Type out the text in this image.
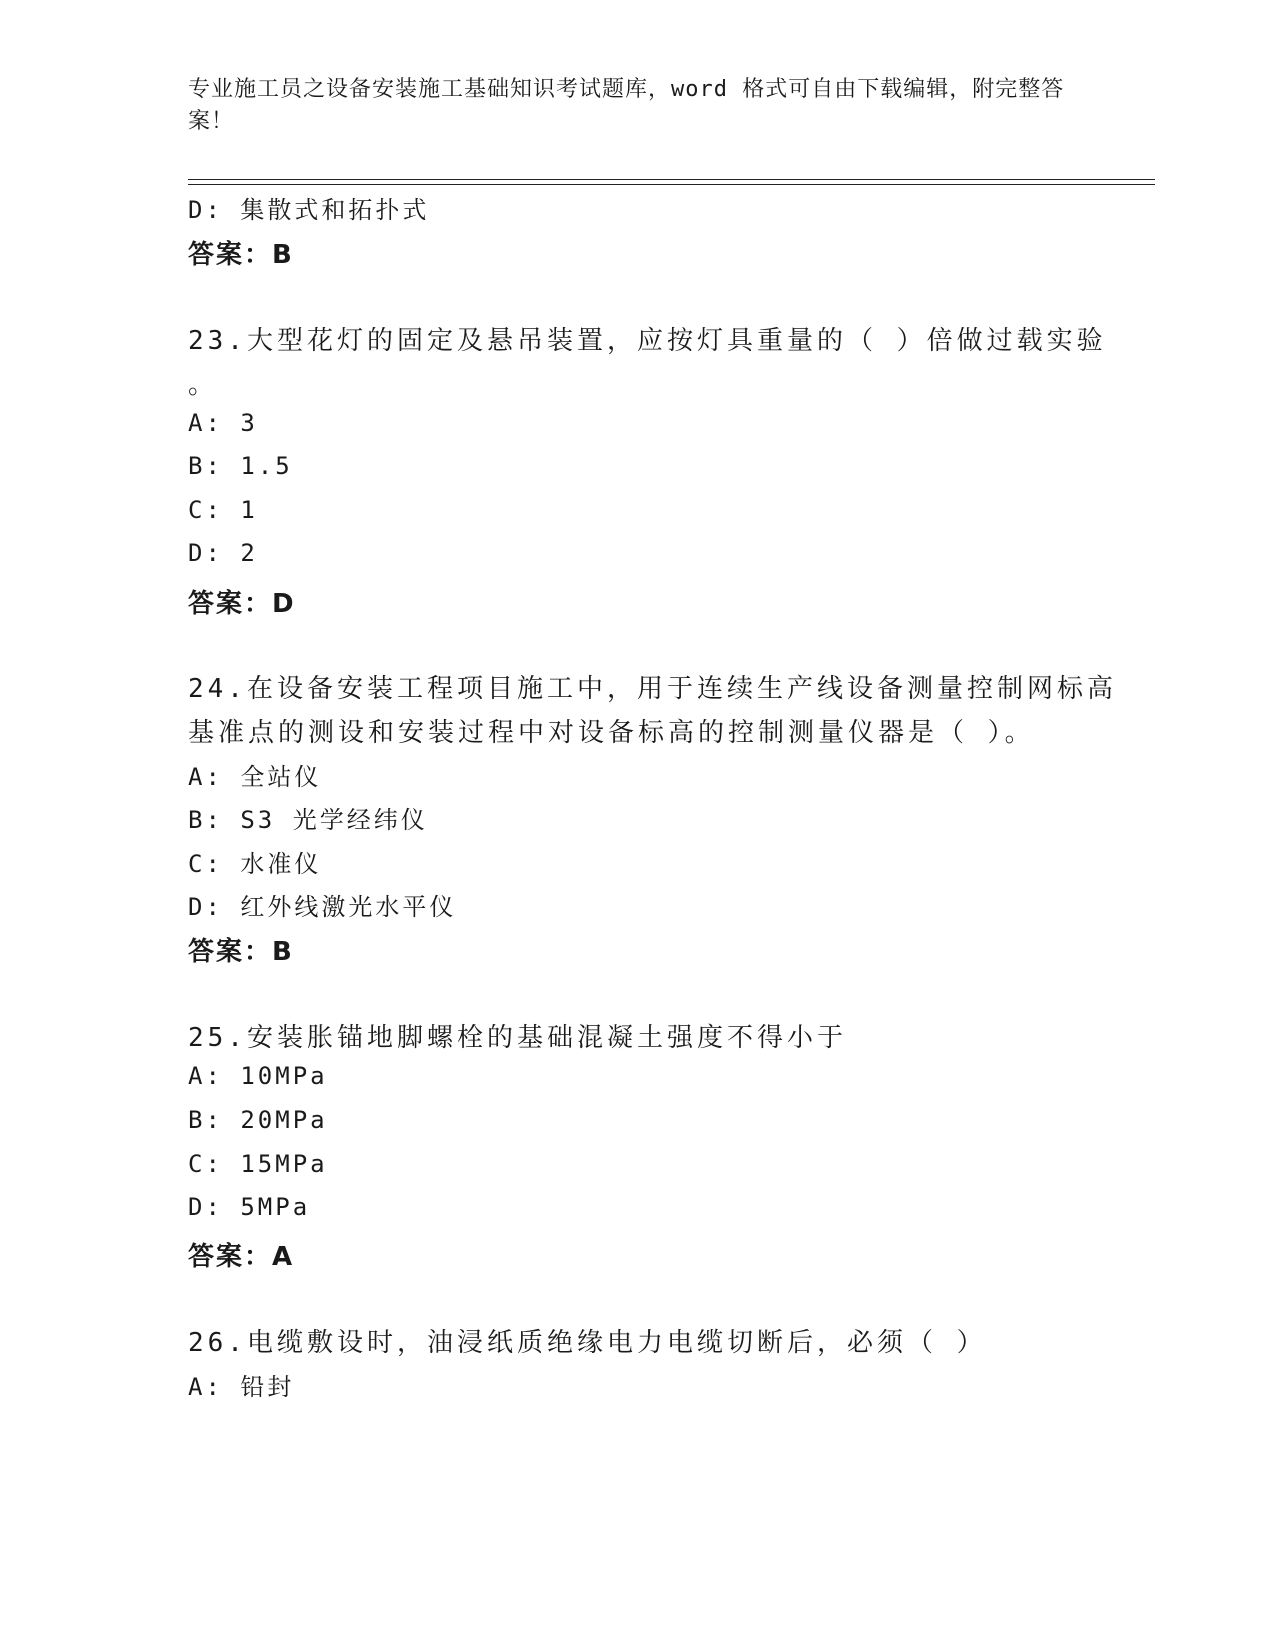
专业施工员之设备安装施工基础知识考试题库，word 格式可自由下载编辑，附完整答案！
D: 集散式和拓扑式
答案：B
23.大型花灯的固定及悬吊装置，应按灯具重量的（ ）倍做过载实验
。
A: 3
B: 1.5
C: 1
D: 2
答案：D
24.在设备安装工程项目施工中，用于连续生产线设备测量控制网标高
基准点的测设和安装过程中对设备标高的控制测量仪器是（ ）。
A: 全站仪
B: S3 光学经纬仪
C: 水准仪
D: 红外线激光水平仪
答案：B
25.安装胀锚地脚螺栓的基础混凝土强度不得小于
A: 10MPa
B: 20MPa
C: 15MPa
D: 5MPa
答案：A
26.电缆敷设时，油浸纸质绝缘电力电缆切断后，必须（ ）
A: 铅封
